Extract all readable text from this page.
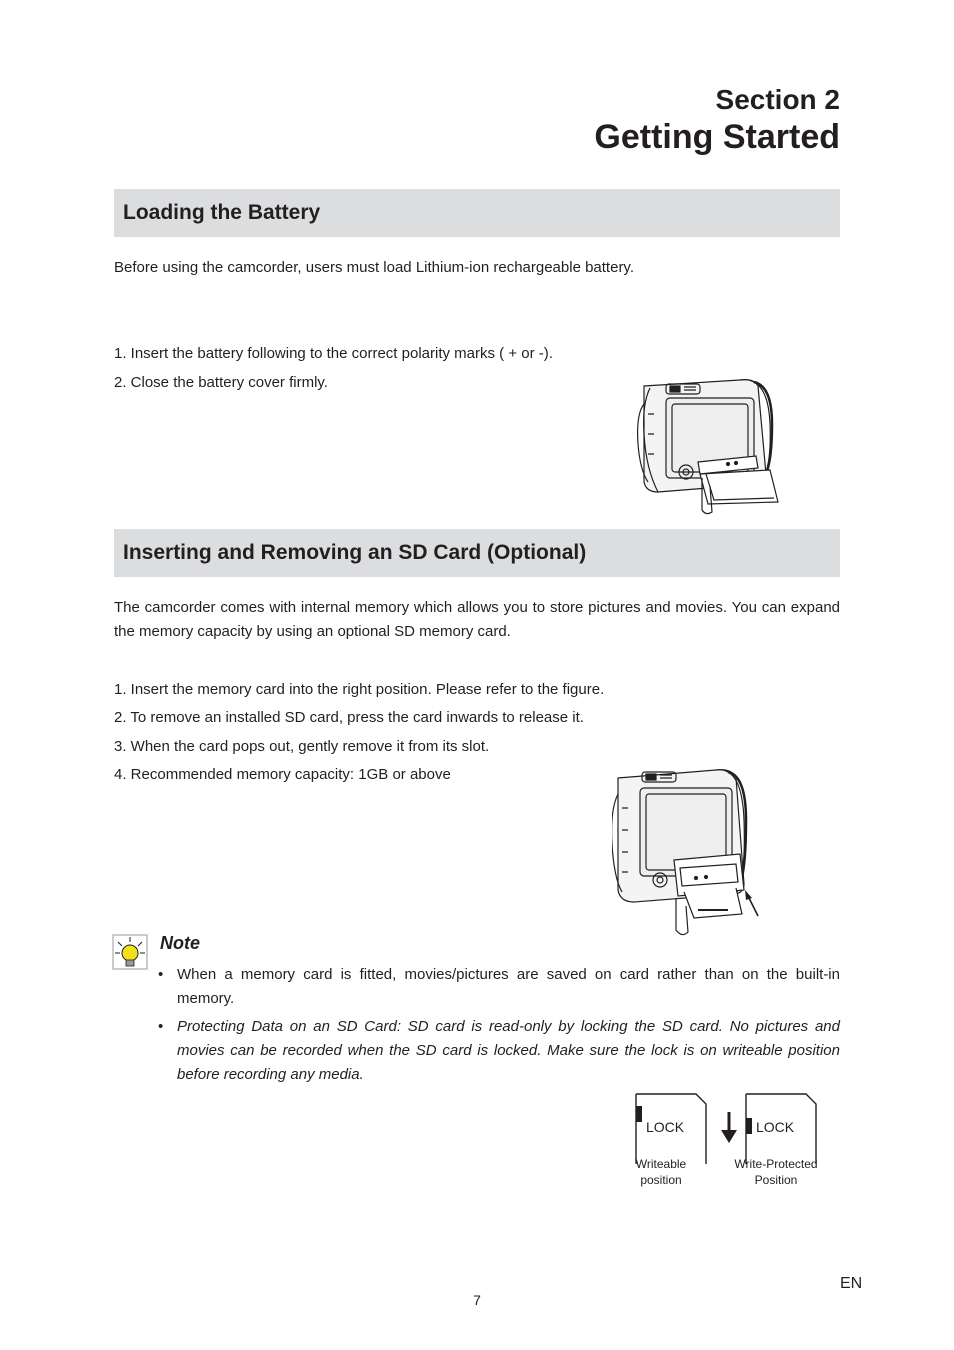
Section 2
Getting Started
Loading the Battery
Before using the camcorder, users must load Lithium-ion rechargeable battery.
1. Insert the battery following to the correct polarity marks ( + or -).
2. Close the battery cover firmly.
Inserting and Removing an SD Card (Optional)
The camcorder comes with internal memory which allows you to store pictures and movies. You can expand the memory capacity by using an optional SD memory card.
1. Insert the memory card into the right position. Please refer to the figure.
2. To remove an installed SD card, press the card inwards to release it.
3. When the card pops out, gently remove it from its slot.
4. Recommended memory capacity: 1GB or above
Note
• When a memory card is fitted, movies/pictures are saved on card rather than on the built-in memory.
• Protecting Data on an SD Card: SD card is read-only by locking the SD card. No pictures and movies can be recorded when the SD card is locked. Make sure the lock is on writeable position before recording any media.
LOCK	LOCK
Writeable
position
Write-Protected
Position
EN
7
